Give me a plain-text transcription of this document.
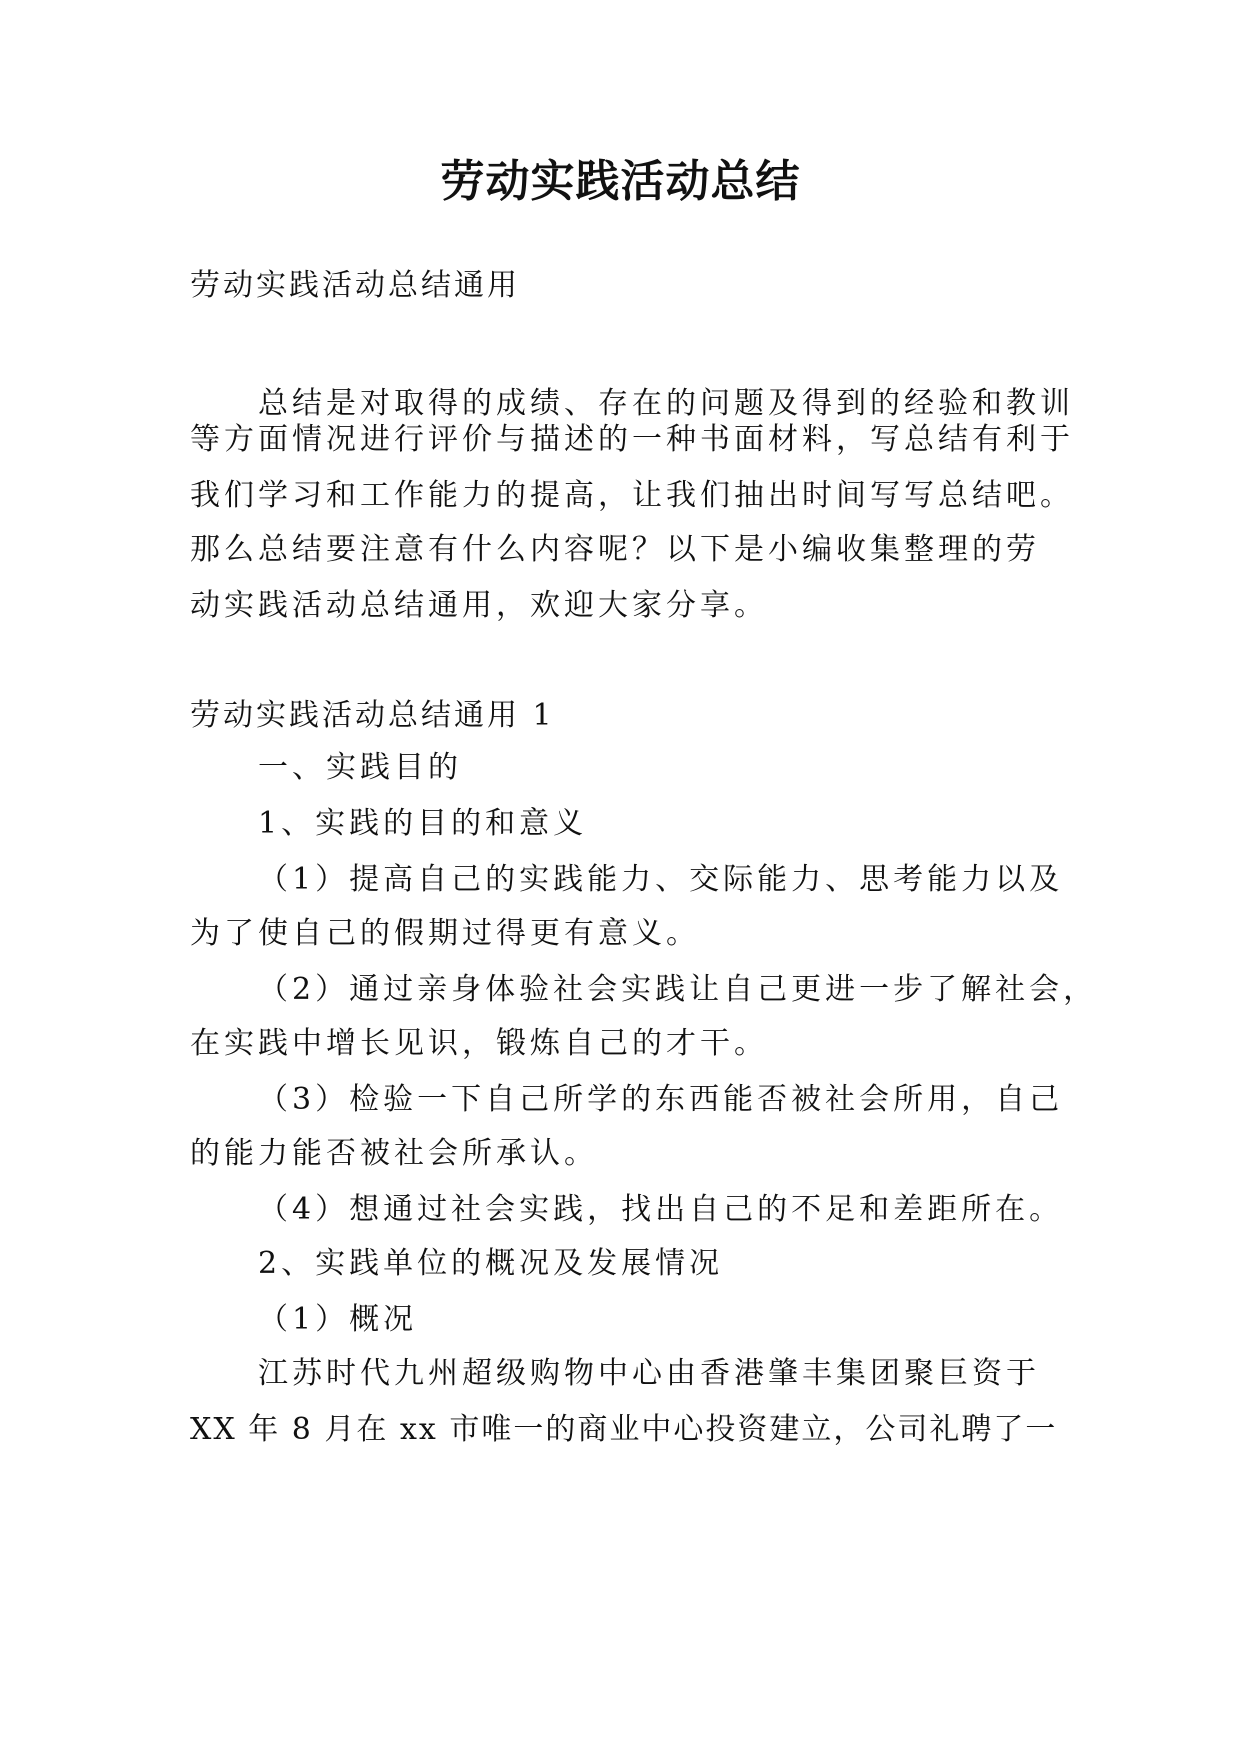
劳动实践活动总结

劳动实践活动总结通用

总结是对取得的成绩、存在的问题及得到的经验和教训

等方面情况进行评价与描述的一种书面材料，写总结有利于

我们学习和工作能力的提高，让我们抽出时间写写总结吧。

那么总结要注意有什么内容呢？以下是小编收集整理的劳

动实践活动总结通用，欢迎大家分享。

劳动实践活动总结通用 1

一、实践目的

1、实践的目的和意义

（1）提高自己的实践能力、交际能力、思考能力以及

为了使自己的假期过得更有意义。

（2）通过亲身体验社会实践让自己更进一步了解社会，

在实践中增长见识，锻炼自己的才干。

（3）检验一下自己所学的东西能否被社会所用，自己

的能力能否被社会所承认。

（4）想通过社会实践，找出自己的不足和差距所在。

2、实践单位的概况及发展情况

（1）概况

江苏时代九州超级购物中心由香港肇丰集团聚巨资于

XX 年 8 月在 xx 市唯一的商业中心投资建立，公司礼聘了一
